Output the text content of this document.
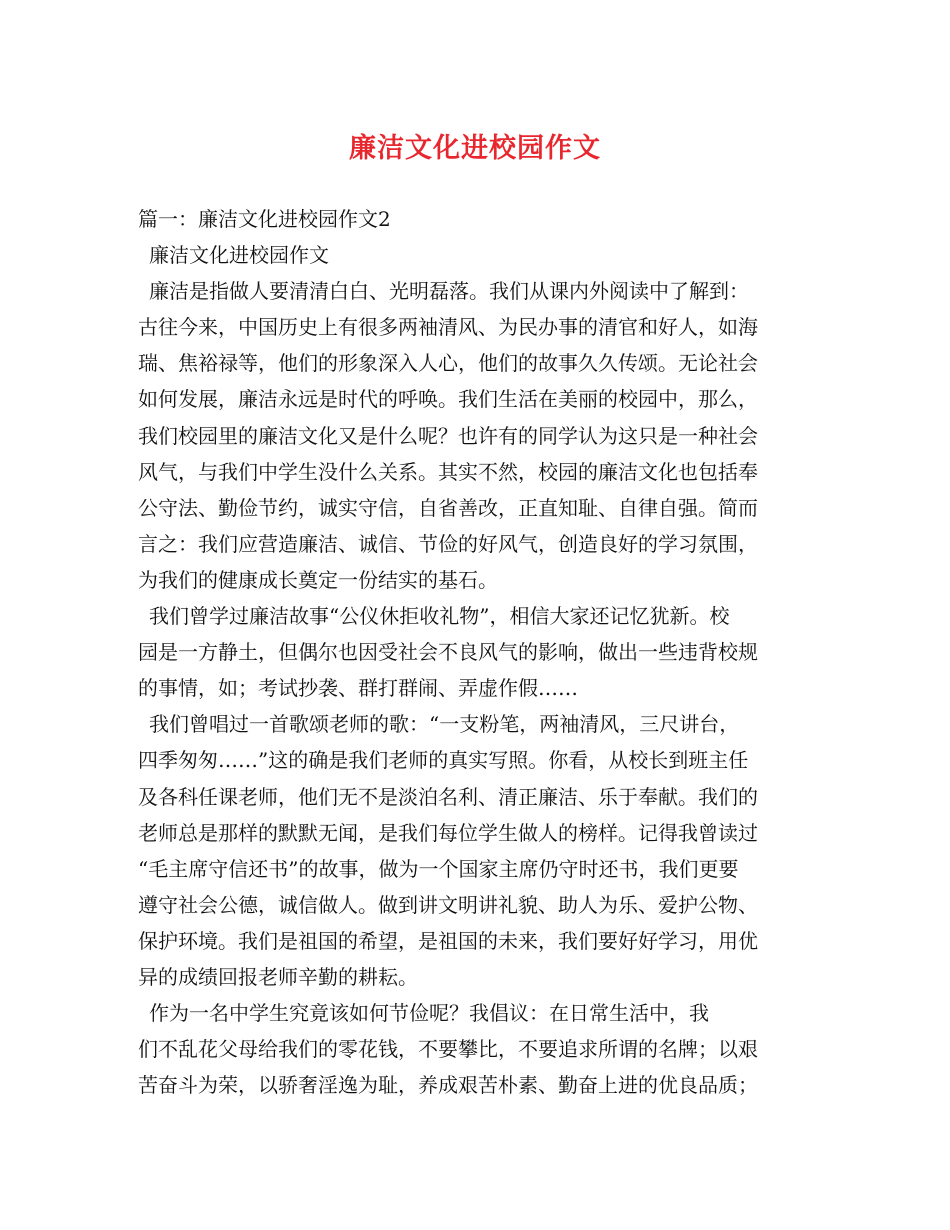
廉洁文化进校园作文
篇一：廉洁文化进校园作文2
廉洁文化进校园作文
廉洁是指做人要清清白白、光明磊落。我们从课内外阅读中了解到：
古往今来，中国历史上有很多两袖清风、为民办事的清官和好人，如海
瑞、焦裕禄等，他们的形象深入人心，他们的故事久久传颂。无论社会
如何发展，廉洁永远是时代的呼唤。我们生活在美丽的校园中，那么，
我们校园里的廉洁文化又是什么呢？也许有的同学认为这只是一种社会
风气，与我们中学生没什么关系。其实不然，校园的廉洁文化也包括奉
公守法、勤俭节约，诚实守信，自省善改，正直知耻、自律自强。简而
言之：我们应营造廉洁、诚信、节俭的好风气，创造良好的学习氛围，
为我们的健康成长奠定一份结实的基石。
我们曾学过廉洁故事“公仪休拒收礼物”，相信大家还记忆犹新。校
园是一方静土，但偶尔也因受社会不良风气的影响，做出一些违背校规
的事情，如；考试抄袭、群打群闹、弄虚作假……
我们曾唱过一首歌颂老师的歌：“一支粉笔，两袖清风，三尺讲台，
四季匆匆……”这的确是我们老师的真实写照。你看，从校长到班主任
及各科任课老师，他们无不是淡泊名利、清正廉洁、乐于奉献。我们的
老师总是那样的默默无闻，是我们每位学生做人的榜样。记得我曾读过
“毛主席守信还书”的故事，做为一个国家主席仍守时还书，我们更要
遵守社会公德，诚信做人。做到讲文明讲礼貌、助人为乐、爱护公物、
保护环境。我们是祖国的希望，是祖国的未来，我们要好好学习，用优
异的成绩回报老师辛勤的耕耘。
作为一名中学生究竟该如何节俭呢？我倡议：在日常生活中，我
们不乱花父母给我们的零花钱，不要攀比，不要追求所谓的名牌；以艰
苦奋斗为荣，以骄奢淫逸为耻，养成艰苦朴素、勤奋上进的优良品质；
